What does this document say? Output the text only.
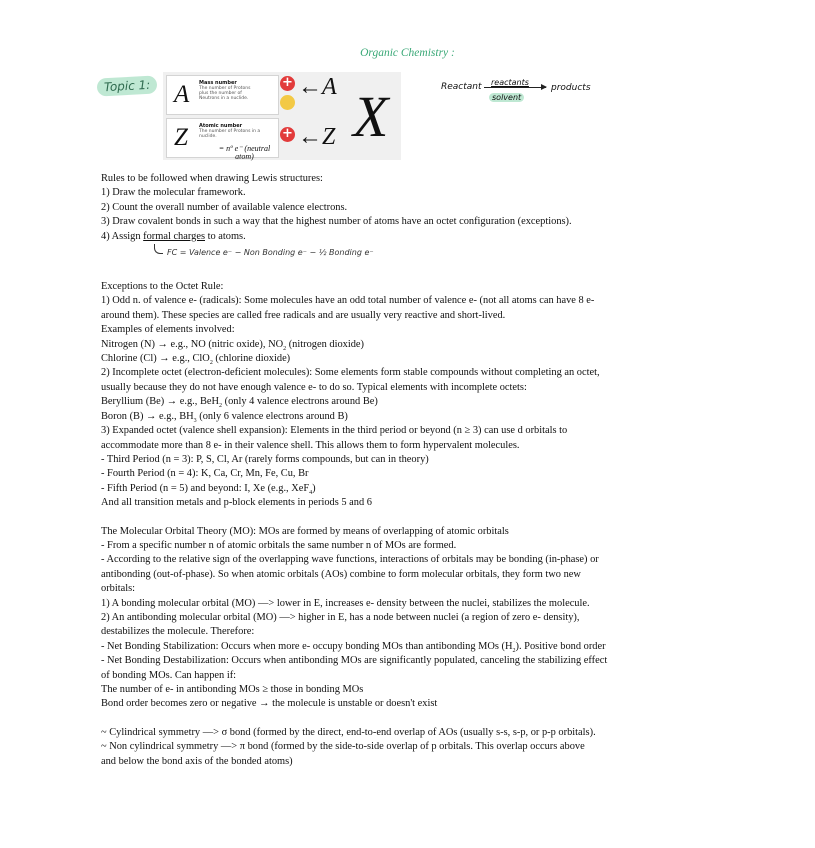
Organic Chemistry :
Topic 1: A Mass number
The number of Protons plus the number of Neutrons in a nuclide.
+
Z Atomic number
The number of Protons in a nuclide.
= nº e⁻ (neutral atom)
+
←A
←Z X	Reactant reactants
solvent
products
FC = Valence e⁻ − Non Bonding e⁻ − ½ Bonding e⁻
Rules to be followed when drawing Lewis structures:
1) Draw the molecular framework.
2) Count the overall number of available valence electrons.
3) Draw covalent bonds in such a way that the highest number of atoms have an octet configuration (exceptions).
4) Assign formal charges to atoms.
Exceptions to the Octet Rule:
1) Odd n. of valence e- (radicals): Some molecules have an odd total number of valence e- (not all atoms can have 8 e-
around them). These species are called free radicals and are usually very reactive and short-lived.
Examples of elements involved:
Nitrogen (N) → e.g., NO (nitric oxide), $NO_2$ (nitrogen dioxide)
Chlorine (Cl) → e.g., ClO$_2$ (chlorine dioxide)
2) Incomplete octet (electron-deficient molecules): Some elements form stable compounds without completing an octet,
usually because they do not have enough valence e- to do so. Typical elements with incomplete octets:
Beryllium (Be) → e.g., BeH$_2$ (only 4 valence electrons around Be)
Boron (B) → e.g., $BH_3$ (only 6 valence electrons around B)
3) Expanded octet (valence shell expansion): Elements in the third period or beyond (n ≥ 3) can use d orbitals to
accommodate more than 8 e- in their valence shell. This allows them to form hypervalent molecules.
- Third Period (n = 3): P, S, Cl, Ar (rarely forms compounds, but can in theory)
- Fourth Period (n = 4): K, Ca, Cr, Mn, Fe, Cu, Br
- Fifth Period (n = 5) and beyond: I, Xe (e.g., XeF$_4$)
And all transition metals and p-block elements in periods 5 and 6
The Molecular Orbital Theory (MO): MOs are formed by means of overlapping of atomic orbitals
- From a specific number n of atomic orbitals the same number n of MOs are formed.
- According to the relative sign of the overlapping wave functions, interactions of orbitals may be bonding (in-phase) or
antibonding (out-of-phase). So when atomic orbitals (AOs) combine to form molecular orbitals, they form two new
orbitals:
1) A bonding molecular orbital (MO) —> lower in E, increases e- density between the nuclei, stabilizes the molecule.
2) An antibonding molecular orbital (MO) —> higher in E, has a node between nuclei (a region of zero e- density),
destabilizes the molecule. Therefore:
- Net Bonding Stabilization: Occurs when more e- occupy bonding MOs than antibonding MOs $(H_2)$. Positive bond order
- Net Bonding Destabilization: Occurs when antibonding MOs are significantly populated, canceling the stabilizing effect
of bonding MOs. Can happen if:
The number of e- in antibonding MOs ≥ those in bonding MOs
Bond order becomes zero or negative → the molecule is unstable or doesn't exist
~ Cylindrical symmetry —> σ bond (formed by the direct, end-to-end overlap of AOs (usually s-s, s-p, or p-p orbitals).
~ Non cylindrical symmetry —> π bond (formed by the side-to-side overlap of p orbitals. This overlap occurs above
and below the bond axis of the bonded atoms)
